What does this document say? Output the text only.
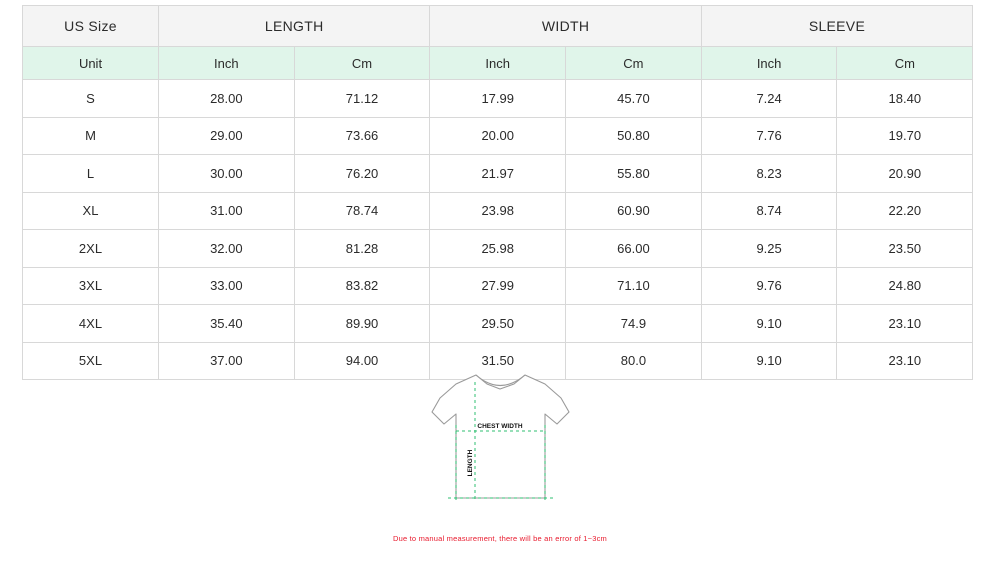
US Size	LENGTH		WIDTH		SLEEVE	
Unit	Inch	Cm	Inch	Cm	Inch	Cm
S	28.00	71.12	17.99	45.70	7.24	18.40
M	29.00	73.66	20.00	50.80	7.76	19.70
L	30.00	76.20	21.97	55.80	8.23	20.90
XL	31.00	78.74	23.98	60.90	8.74	22.20
2XL	32.00	81.28	25.98	66.00	9.25	23.50
3XL	33.00	83.82	27.99	71.10	9.76	24.80
4XL	35.40	89.90	29.50	74.9	9.10	23.10
5XL	37.00	94.00	31.50	80.0	9.10	23.10
CHEST WIDTH
LENGTH
Due to manual measurement, there will be an error of 1~3cm
